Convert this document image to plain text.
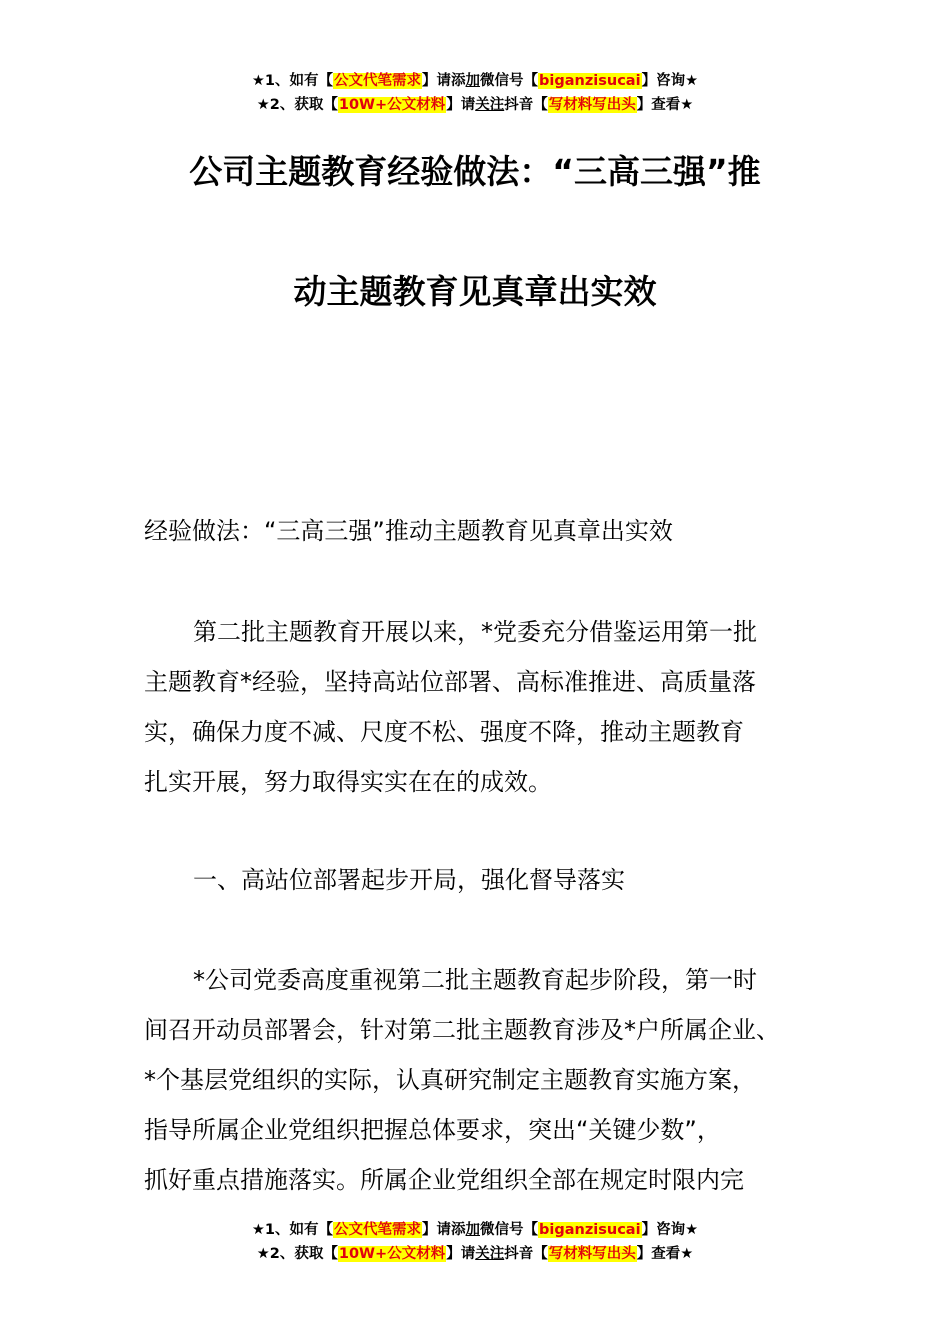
★1、如有【公文代笔需求】请添加微信号【biganzisucai】咨询★
★2、获取【10W+公文材料】请关注抖音【写材料写出头】查看★
公司主题教育经验做法：“三高三强”推
动主题教育见真章出实效
经验做法：“三高三强”推动主题教育见真章出实效
第二批主题教育开展以来，*党委充分借鉴运用第一批
主题教育*经验，坚持高站位部署、高标准推进、高质量落
实，确保力度不减、尺度不松、强度不降，推动主题教育
扎实开展，努力取得实实在在的成效。
一、高站位部署起步开局，强化督导落实
*公司党委高度重视第二批主题教育起步阶段，第一时
间召开动员部署会，针对第二批主题教育涉及*户所属企业、
*个基层党组织的实际，认真研究制定主题教育实施方案，
指导所属企业党组织把握总体要求，突出“关键少数”，
抓好重点措施落实。所属企业党组织全部在规定时限内完
★1、如有【公文代笔需求】请添加微信号【biganzisucai】咨询★
★2、获取【10W+公文材料】请关注抖音【写材料写出头】查看★
